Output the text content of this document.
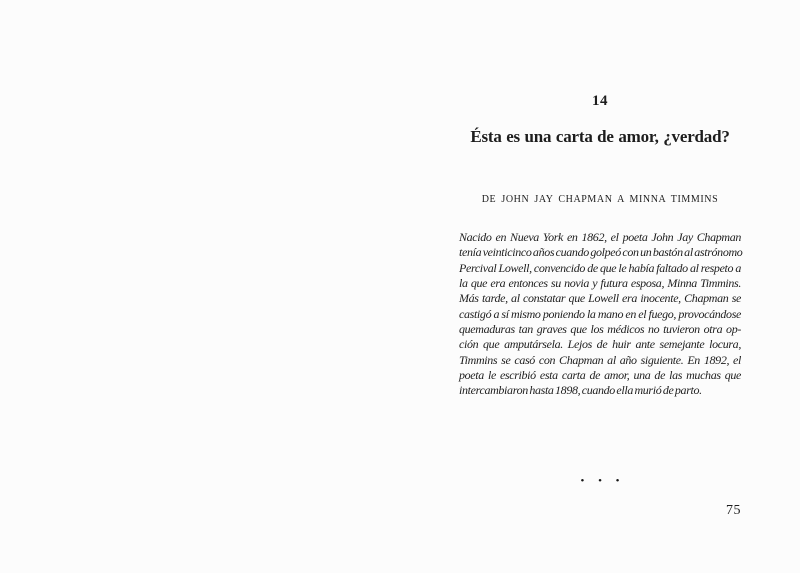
14
Ésta es una carta de amor, ¿verdad?
DE JOHN JAY CHAPMAN A MINNA TIMMINS
Nacido en Nueva York en 1862, el poeta John Jay Chapman
tenía veinticinco años cuando golpeó con un bastón al astrónomo
Percival Lowell, convencido de que le había faltado al respeto a
la que era entonces su novia y futura esposa, Minna Timmins.
Más tarde, al constatar que Lowell era inocente, Chapman se
castigó a sí mismo poniendo la mano en el fuego, provocándose
quemaduras tan graves que los médicos no tuvieron otra op-
ción que amputársela. Lejos de huir ante semejante locura,
Timmins se casó con Chapman al año siguiente. En 1892, el
poeta le escribió esta carta de amor, una de las muchas que
intercambiaron hasta 1898, cuando ella murió de parto.
• • •
75
